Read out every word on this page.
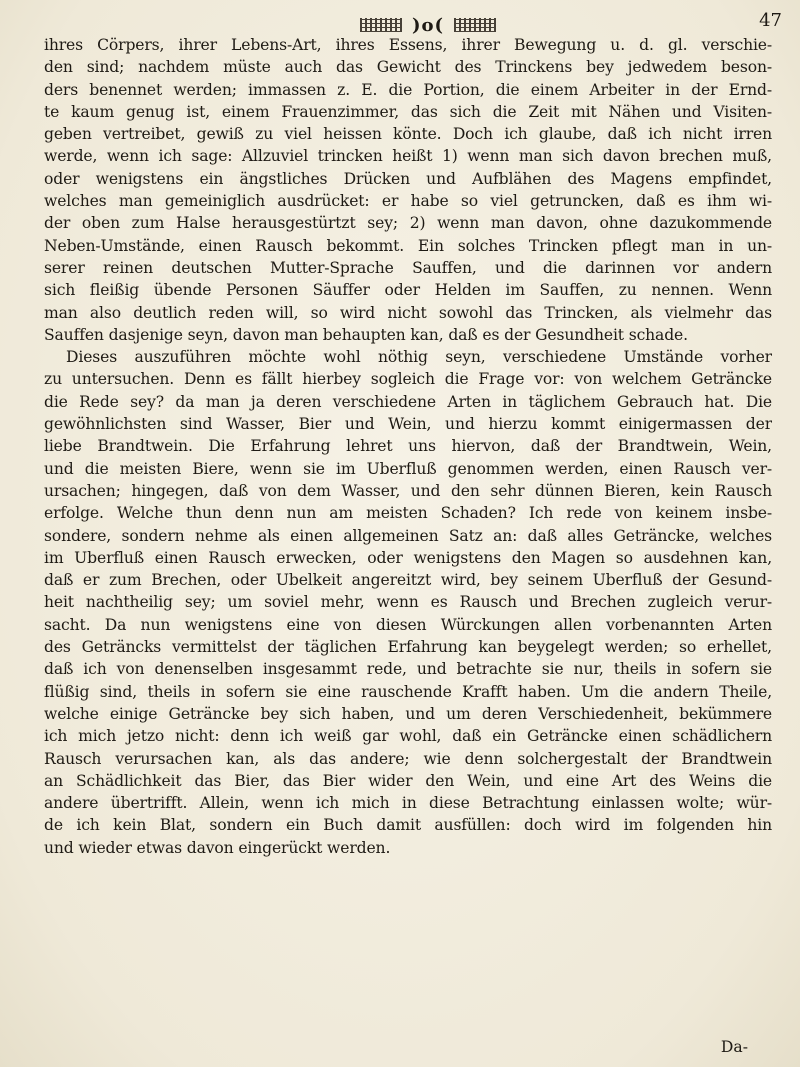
)o(	47
ihres Cörpers, ihrer Lebens-Art, ihres Essens, ihrer Bewegung u. d. gl. verschie-
den sind; nachdem müste auch das Gewicht des Trinckens bey jedwedem beson-
ders benennet werden; immassen z. E. die Portion, die einem Arbeiter in der Ernd-
te kaum genug ist, einem Frauenzimmer, das sich die Zeit mit Nähen und Visiten-
geben vertreibet, gewiß zu viel heissen könte. Doch ich glaube, daß ich nicht irren
werde, wenn ich sage: Allzuviel trincken heißt 1) wenn man sich davon brechen muß,
oder wenigstens ein ängstliches Drücken und Aufblähen des Magens empfindet,
welches man gemeiniglich ausdrücket: er habe so viel getruncken, daß es ihm wi-
der oben zum Halse herausgestürtzt sey; 2) wenn man davon, ohne dazukommende
Neben-Umstände, einen Rausch bekommt. Ein solches Trincken pflegt man in un-
serer reinen deutschen Mutter-Sprache Sauffen, und die darinnen vor andern
sich fleißig übende Personen Säuffer oder Helden im Sauffen, zu nennen. Wenn
man also deutlich reden will, so wird nicht sowohl das Trincken, als vielmehr das
Sauffen dasjenige seyn, davon man behaupten kan, daß es der Gesundheit schade.
Dieses auszuführen möchte wohl nöthig seyn, verschiedene Umstände vorher
zu untersuchen. Denn es fällt hierbey sogleich die Frage vor: von welchem Geträncke
die Rede sey? da man ja deren verschiedene Arten in täglichem Gebrauch hat. Die
gewöhnlichsten sind Wasser, Bier und Wein, und hierzu kommt einigermassen der
liebe Brandtwein. Die Erfahrung lehret uns hiervon, daß der Brandtwein, Wein,
und die meisten Biere, wenn sie im Uberfluß genommen werden, einen Rausch ver-
ursachen; hingegen, daß von dem Wasser, und den sehr dünnen Bieren, kein Rausch
erfolge. Welche thun denn nun am meisten Schaden? Ich rede von keinem insbe-
sondere, sondern nehme als einen allgemeinen Satz an: daß alles Geträncke, welches
im Uberfluß einen Rausch erwecken, oder wenigstens den Magen so ausdehnen kan,
daß er zum Brechen, oder Ubelkeit angereitzt wird, bey seinem Uberfluß der Gesund-
heit nachtheilig sey; um soviel mehr, wenn es Rausch und Brechen zugleich verur-
sacht. Da nun wenigstens eine von diesen Würckungen allen vorbenannten Arten
des Geträncks vermittelst der täglichen Erfahrung kan beygelegt werden; so erhellet,
daß ich von denenselben insgesammt rede, und betrachte sie nur, theils in sofern sie
flüßig sind, theils in sofern sie eine rauschende Krafft haben. Um die andern Theile,
welche einige Geträncke bey sich haben, und um deren Verschiedenheit, bekümmere
ich mich jetzo nicht: denn ich weiß gar wohl, daß ein Geträncke einen schädlichern
Rausch verursachen kan, als das andere; wie denn solchergestalt der Brandtwein
an Schädlichkeit das Bier, das Bier wider den Wein, und eine Art des Weins die
andere übertrifft. Allein, wenn ich mich in diese Betrachtung einlassen wolte; wür-
de ich kein Blat, sondern ein Buch damit ausfüllen: doch wird im folgenden hin
und wieder etwas davon eingerückt werden.
Da-
